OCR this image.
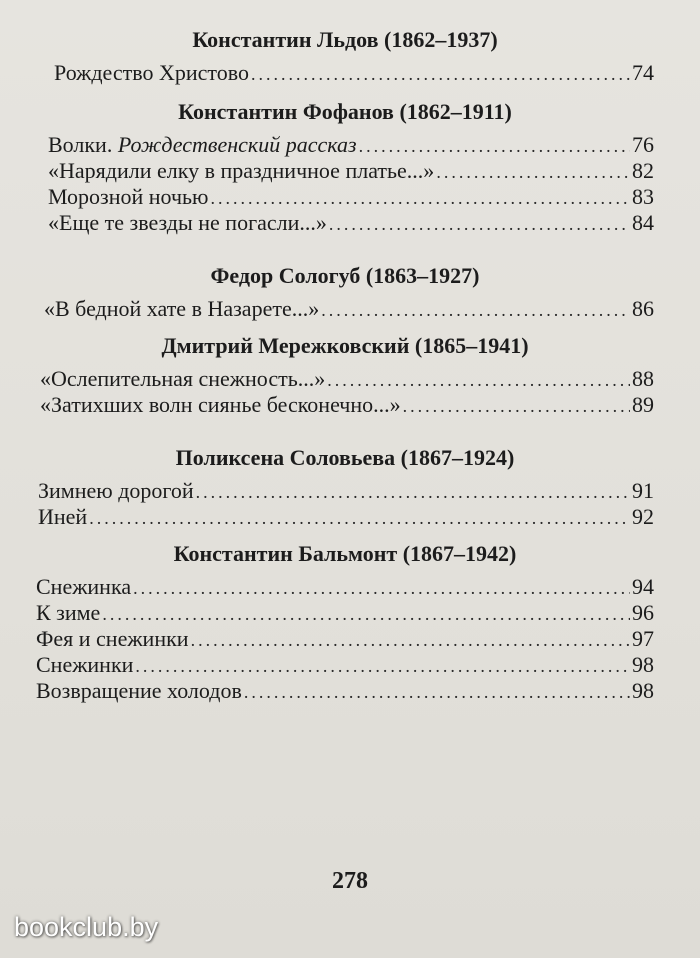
Константин Льдов (1862–1937)
Рождество Христово .....	74
Константин Фофанов (1862–1911)
Волки. Рождественский рассказ .....	76
«Нарядили елку в праздничное платье...» .....	82
Морозной ночью .....	83
«Еще те звезды не погасли...» .....	84
Федор Сологуб (1863–1927)
«В бедной хате в Назарете...» .....	86
Дмитрий Мережковский (1865–1941)
«Ослепительная снежность...» .....	88
«Затихших волн сиянье бесконечно...» .....	89
Поликсена Соловьева (1867–1924)
Зимнею дорогой .....	91
Иней .....	92
Константин Бальмонт (1867–1942)
Снежинка .....	94
К зиме .....	96
Фея и снежинки .....	97
Снежинки .....	98
Возвращение холодов .....	98
278
bookclub.by
